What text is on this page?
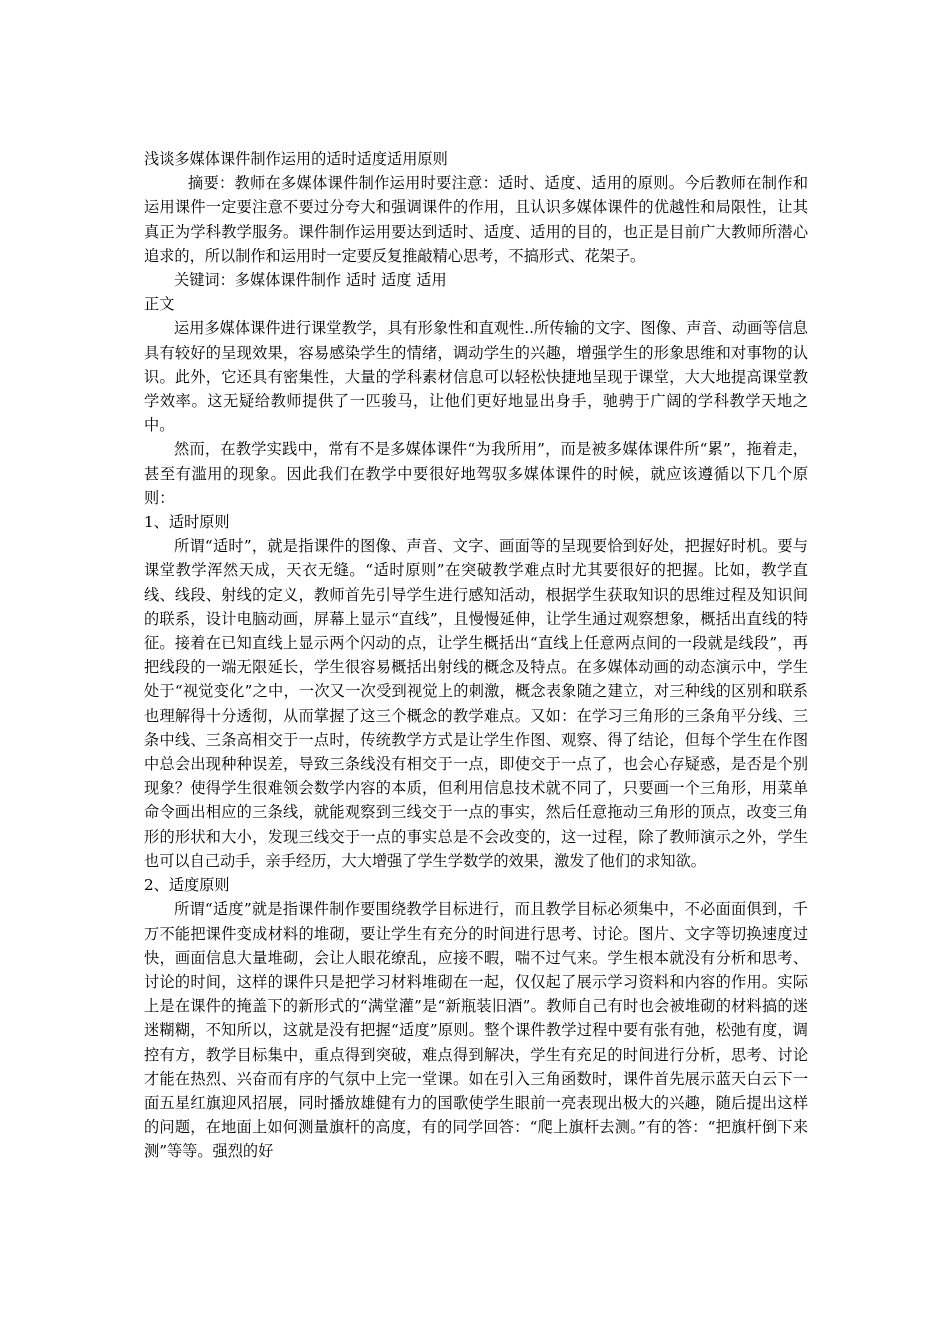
浅谈多媒体课件制作运用的适时适度适用原则

摘要：教师在多媒体课件制作运用时要注意：适时、适度、适用的原则。今后教师在制作和运用课件一定要注意不要过分夸大和强调课件的作用，且认识多媒体课件的优越性和局限性，让其真正为学科教学服务。课件制作运用要达到适时、适度、适用的目的，也正是目前广大教师所潜心追求的，所以制作和运用时一定要反复推敲精心思考，不搞形式、花架子。

关键词：多媒体课件制作 适时 适度 适用

正文

运用多媒体课件进行课堂教学，具有形象性和直观性..所传输的文字、图像、声音、动画等信息具有较好的呈现效果，容易感染学生的情绪，调动学生的兴趣，增强学生的形象思维和对事物的认识。此外，它还具有密集性，大量的学科素材信息可以轻松快捷地呈现于课堂，大大地提高课堂教学效率。这无疑给教师提供了一匹骏马，让他们更好地显出身手，驰骋于广阔的学科教学天地之中。

然而，在教学实践中，常有不是多媒体课件“为我所用”，而是被多媒体课件所“累”，拖着走，甚至有滥用的现象。因此我们在教学中要很好地驾驭多媒体课件的时候，就应该遵循以下几个原则：

1、适时原则

所谓“适时”，就是指课件的图像、声音、文字、画面等的呈现要恰到好处，把握好时机。要与课堂教学浑然天成，天衣无缝。“适时原则”在突破教学难点时尤其要很好的把握。比如，教学直线、线段、射线的定义，教师首先引导学生进行感知活动，根据学生获取知识的思维过程及知识间的联系，设计电脑动画，屏幕上显示“直线”，且慢慢延伸，让学生通过观察想象，概括出直线的特征。接着在已知直线上显示两个闪动的点，让学生概括出“直线上任意两点间的一段就是线段”，再把线段的一端无限延长，学生很容易概括出射线的概念及特点。在多媒体动画的动态演示中，学生处于“视觉变化”之中，一次又一次受到视觉上的刺激，概念表象随之建立，对三种线的区别和联系也理解得十分透彻，从而掌握了这三个概念的教学难点。又如：在学习三角形的三条角平分线、三条中线、三条高相交于一点时，传统教学方式是让学生作图、观察、得了结论，但每个学生在作图中总会出现种种误差，导致三条线没有相交于一点，即使交于一点了，也会心存疑惑，是否是个别现象？使得学生很难领会数学内容的本质，但利用信息技术就不同了，只要画一个三角形，用菜单命令画出相应的三条线，就能观察到三线交于一点的事实，然后任意拖动三角形的顶点，改变三角形的形状和大小，发现三线交于一点的事实总是不会改变的，这一过程，除了教师演示之外，学生也可以自己动手，亲手经历，大大增强了学生学数学的效果，激发了他们的求知欲。

2、适度原则

所谓“适度”就是指课件制作要围绕教学目标进行，而且教学目标必须集中，不必面面俱到，千万不能把课件变成材料的堆砌，要让学生有充分的时间进行思考、讨论。图片、文字等切换速度过快，画面信息大量堆砌，会让人眼花缭乱，应接不暇，喘不过气来。学生根本就没有分析和思考、讨论的时间，这样的课件只是把学习材料堆砌在一起，仅仅起了展示学习资料和内容的作用。实际上是在课件的掩盖下的新形式的“满堂灌”是“新瓶装旧酒”。教师自己有时也会被堆砌的材料搞的迷迷糊糊，不知所以，这就是没有把握“适度”原则。整个课件教学过程中要有张有弛，松弛有度，调控有方，教学目标集中，重点得到突破，难点得到解决，学生有充足的时间进行分析，思考、讨论才能在热烈、兴奋而有序的气氛中上完一堂课。如在引入三角函数时，课件首先展示蓝天白云下一面五星红旗迎风招展，同时播放雄健有力的国歌使学生眼前一亮表现出极大的兴趣，随后提出这样的问题，在地面上如何测量旗杆的高度，有的同学回答：“爬上旗杆去测。”有的答：“把旗杆倒下来测”等等。强烈的好
